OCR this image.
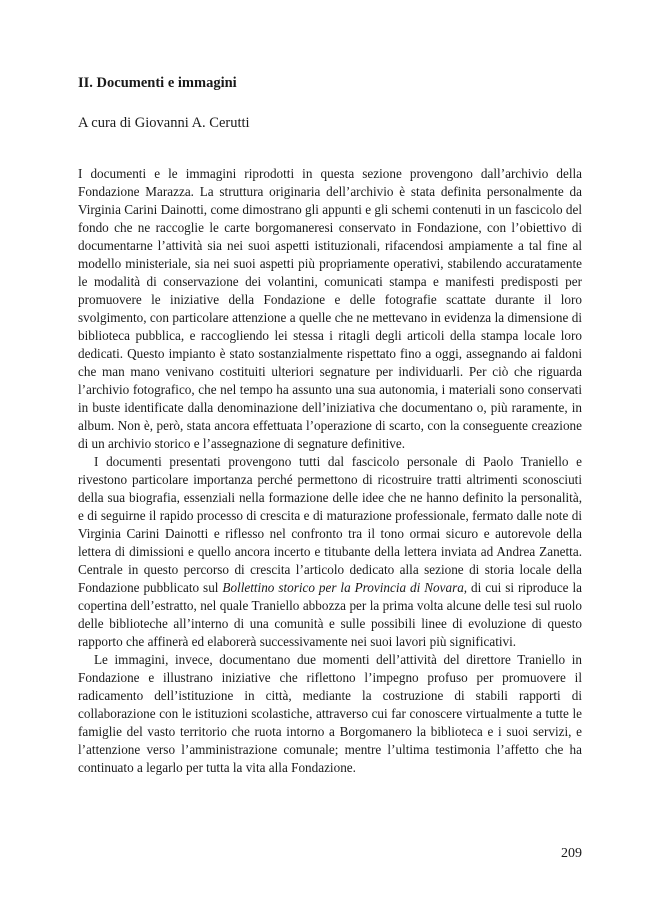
II. Documenti e immagini

A cura di Giovanni A. Cerutti

I documenti e le immagini riprodotti in questa sezione provengono dall’archivio della Fondazione Marazza. La struttura originaria dell’archivio è stata definita personalmente da Virginia Carini Dainotti, come dimostrano gli appunti e gli schemi contenuti in un fascicolo del fondo che ne raccoglie le carte borgomaneresi conservato in Fondazione, con l’obiettivo di documentarne l’attività sia nei suoi aspetti istituzionali, rifacendosi ampiamente a tal fine al modello ministeriale, sia nei suoi aspetti più propriamente operativi, stabilendo accuratamente le modalità di conservazione dei volantini, comunicati stampa e manifesti predisposti per promuovere le iniziative della Fondazione e delle fotografie scattate durante il loro svolgimento, con particolare attenzione a quelle che ne mettevano in evidenza la dimensione di biblioteca pubblica, e raccogliendo lei stessa i ritagli degli articoli della stampa locale loro dedicati. Questo impianto è stato sostanzialmente rispettato fino a oggi, assegnando ai faldoni che man mano venivano costituiti ulteriori segnature per individuarli. Per ciò che riguarda l’archivio fotografico, che nel tempo ha assunto una sua autonomia, i materiali sono conservati in buste identificate dalla denominazione dell’iniziativa che documentano o, più raramente, in album. Non è, però, stata ancora effettuata l’operazione di scarto, con la conseguente creazione di un archivio storico e l’assegnazione di segnature definitive.

I documenti presentati provengono tutti dal fascicolo personale di Paolo Traniello e rivestono particolare importanza perché permettono di ricostruire tratti altrimenti sconosciuti della sua biografia, essenziali nella formazione delle idee che ne hanno definito la personalità, e di seguirne il rapido processo di crescita e di maturazione professionale, fermato dalle note di Virginia Carini Dainotti e riflesso nel confronto tra il tono ormai sicuro e autorevole della lettera di dimissioni e quello ancora incerto e titubante della lettera inviata ad Andrea Zanetta. Centrale in questo percorso di crescita l’articolo dedicato alla sezione di storia locale della Fondazione pubblicato sul Bollettino storico per la Provincia di Novara, di cui si riproduce la copertina dell’estratto, nel quale Traniello abbozza per la prima volta alcune delle tesi sul ruolo delle biblioteche all’interno di una comunità e sulle possibili linee di evoluzione di questo rapporto che affinerà ed elaborerà successivamente nei suoi lavori più significativi.

Le immagini, invece, documentano due momenti dell’attività del direttore Traniello in Fondazione e illustrano iniziative che riflettono l’impegno profuso per promuovere il radicamento dell’istituzione in città, mediante la costruzione di stabili rapporti di collaborazione con le istituzioni scolastiche, attraverso cui far conoscere virtualmente a tutte le famiglie del vasto territorio che ruota intorno a Borgomanero la biblioteca e i suoi servizi, e l’attenzione verso l’amministrazione comunale; mentre l’ultima testimonia l’affetto che ha continuato a legarlo per tutta la vita alla Fondazione.

209
